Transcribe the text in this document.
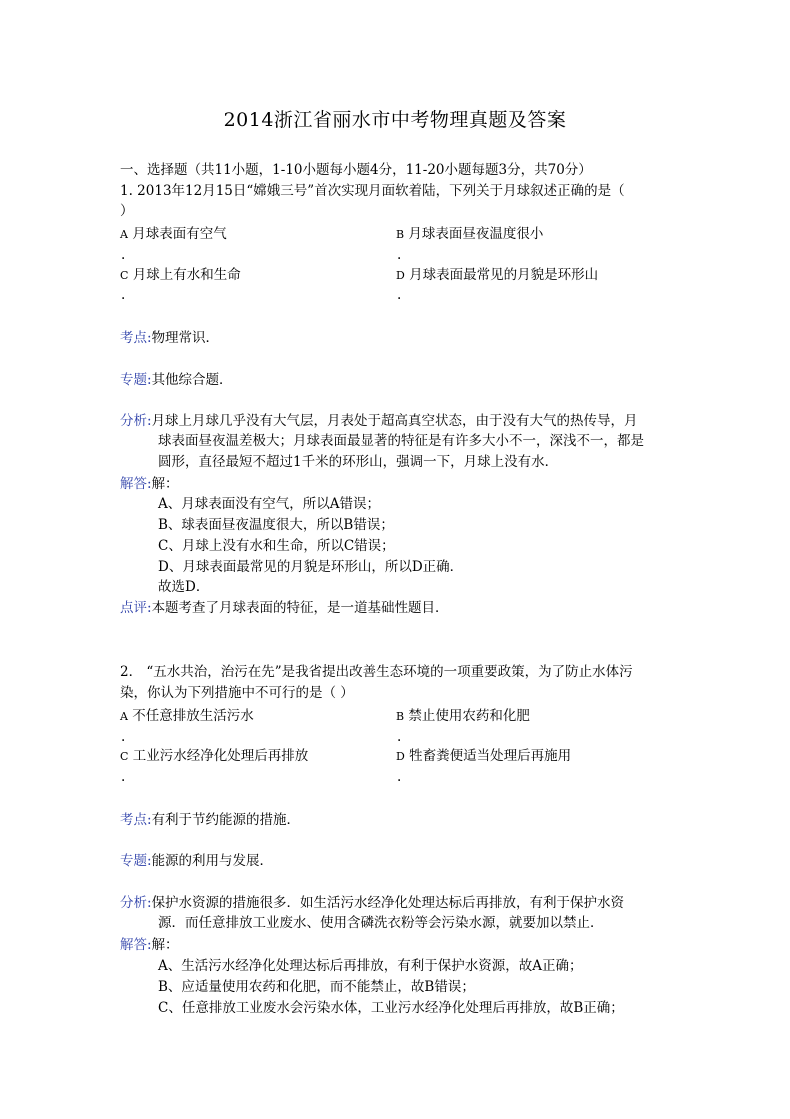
2014浙江省丽水市中考物理真题及答案
一、选择题（共11小题，1-10小题每小题4分，11-20小题每题3分，共70分）
1. 2013年12月15日“嫦娥三号”首次实现月面软着陆，下列关于月球叙述正确的是（
）
A 月球表面有空气
.
B 月球表面昼夜温度很小
.
C 月球上有水和生命
.
D 月球表面最常见的月貌是环形山
.
考点:物理常识．
专题:其他综合题．
分析:月球上月球几乎没有大气层，月表处于超高真空状态，由于没有大气的热传导，月
球表面昼夜温差极大；月球表面最显著的特征是有许多大小不一，深浅不一，都是
圆形，直径最短不超过1千米的环形山，强调一下，月球上没有水．
解答:解：
A、月球表面没有空气，所以A错误；
B、球表面昼夜温度很大，所以B错误；
C、月球上没有水和生命，所以C错误；
D、月球表面最常见的月貌是环形山，所以D正确．
故选D．
点评:本题考查了月球表面的特征，是一道基础性题目．
2． “五水共治，治污在先”是我省提出改善生态环境的一项重要政策，为了防止水体污
染，你认为下列措施中不可行的是（ ）
A 不任意排放生活污水
.
B 禁止使用农药和化肥
.
C 工业污水经净化处理后再排放
.
D 牲畜粪便适当处理后再施用
.
考点:有利于节约能源的措施．
专题:能源的利用与发展．
分析:保护水资源的措施很多．如生活污水经净化处理达标后再排放，有利于保护水资
源．而任意排放工业废水、使用含磷洗衣粉等会污染水源，就要加以禁止．
解答:解：
A、生活污水经净化处理达标后再排放，有利于保护水资源，故A正确；
B、应适量使用农药和化肥，而不能禁止，故B错误；
C、任意排放工业废水会污染水体，工业污水经净化处理后再排放，故B正确；
